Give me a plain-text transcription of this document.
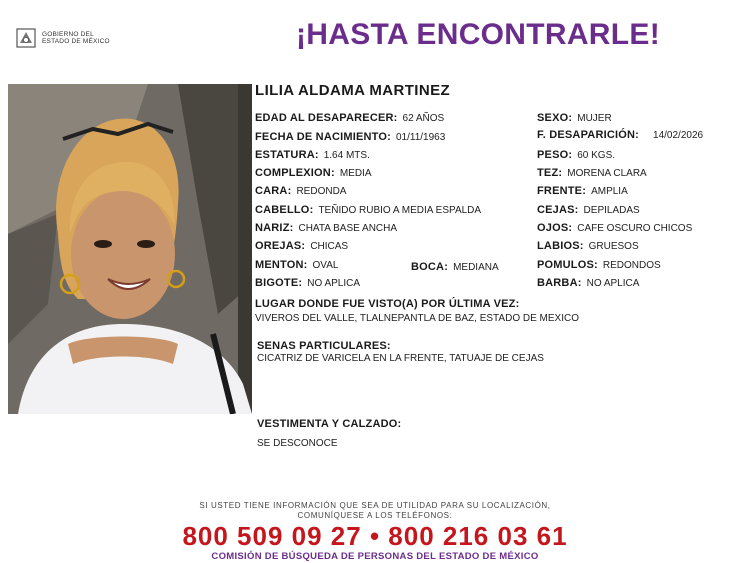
GOBIERNO DEL
ESTADO DE MÉXICO	¡HASTA ENCONTRARLE!
LILIA ALDAMA MARTINEZ
EDAD AL DESAPARECER: 62 AÑOS
FECHA DE NACIMIENTO: 01/11/1963
ESTATURA: 1.64 MTS.
COMPLEXION: MEDIA
CARA: REDONDA
CABELLO: TEÑIDO RUBIO A MEDIA ESPALDA
NARIZ: CHATA BASE ANCHA
OREJAS: CHICAS
MENTON: OVAL	BOCA: MEDIANA
BIGOTE: NO APLICA
SEXO: MUJER
F. DESAPARICIÓN: 14/02/2026
PESO: 60 KGS.
TEZ: MORENA CLARA
FRENTE: AMPLIA
CEJAS: DEPILADAS
OJOS: CAFE OSCURO CHICOS
LABIOS: GRUESOS
POMULOS: REDONDOS
BARBA: NO APLICA
LUGAR DONDE FUE VISTO(A) POR ÚLTIMA VEZ:
VIVEROS DEL VALLE, TLALNEPANTLA DE BAZ, ESTADO DE MEXICO
SENAS PARTICULARES:
CICATRIZ DE VARICELA EN LA FRENTE, TATUAJE DE CEJAS
VESTIMENTA Y CALZADO:
SE DESCONOCE
SI USTED TIENE INFORMACIÓN QUE SEA DE UTILIDAD PARA SU LOCALIZACIÓN,
COMUNÍQUESE A LOS TELÉFONOS:
800 509 09 27 • 800 216 03 61
COMISIÓN DE BÚSQUEDA DE PERSONAS DEL ESTADO DE MÉXICO
